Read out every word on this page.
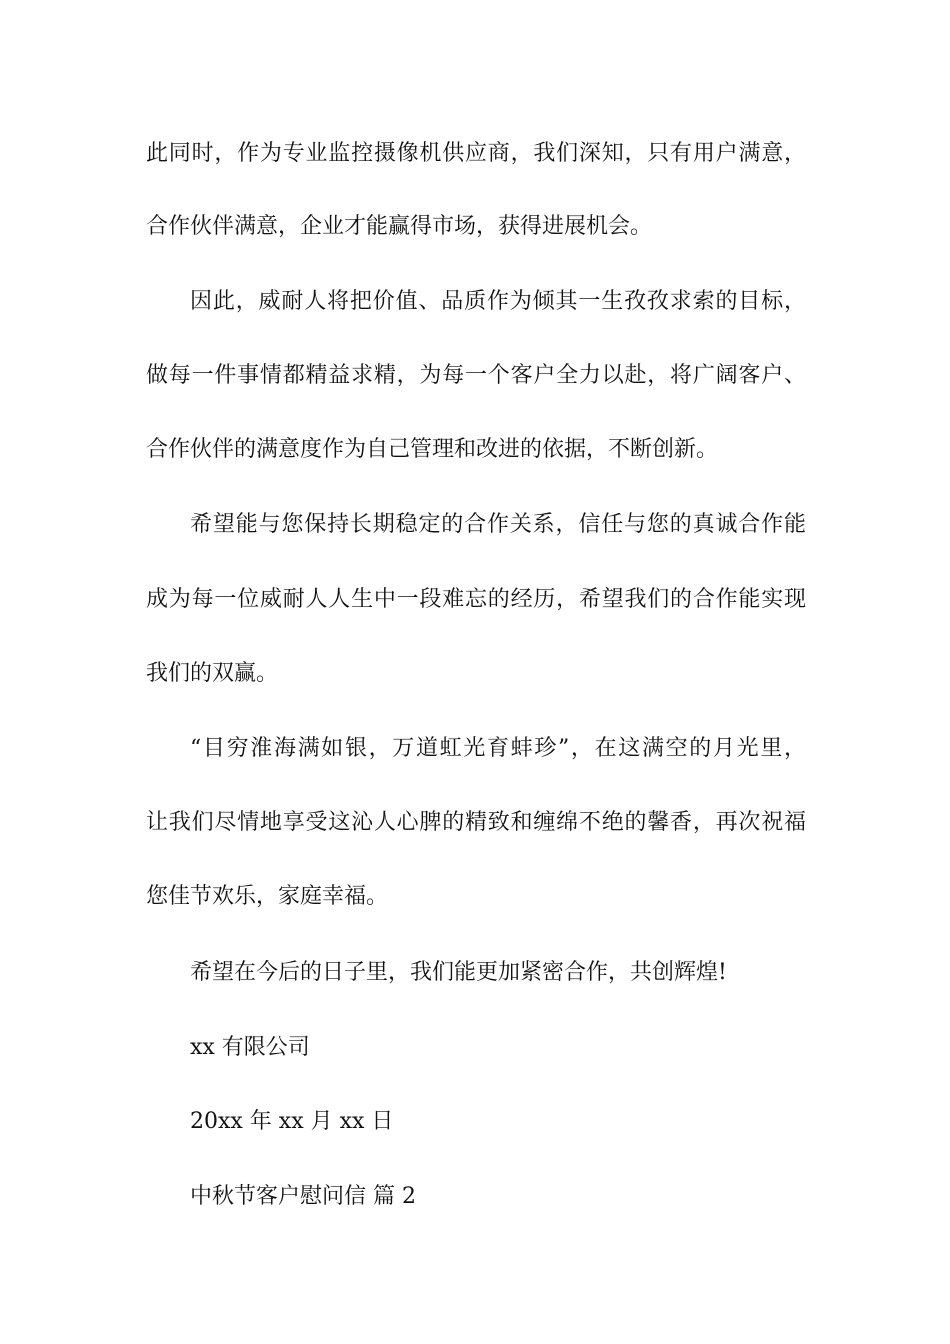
此同时，作为专业监控摄像机供应商，我们深知，只有用户满意，

合作伙伴满意，企业才能赢得市场，获得进展机会。

因此，威耐人将把价值、品质作为倾其一生孜孜求索的目标，

做每一件事情都精益求精，为每一个客户全力以赴，将广阔客户、

合作伙伴的满意度作为自己管理和改进的依据，不断创新。

希望能与您保持长期稳定的合作关系，信任与您的真诚合作能

成为每一位威耐人人生中一段难忘的经历，希望我们的合作能实现

我们的双赢。

“目穷淮海满如银，万道虹光育蚌珍”，在这满空的月光里，

让我们尽情地享受这沁人心脾的精致和缠绵不绝的馨香，再次祝福

您佳节欢乐，家庭幸福。

希望在今后的日子里，我们能更加紧密合作，共创辉煌!

xx 有限公司

20xx 年 xx 月 xx 日

中秋节客户慰问信 篇 2
